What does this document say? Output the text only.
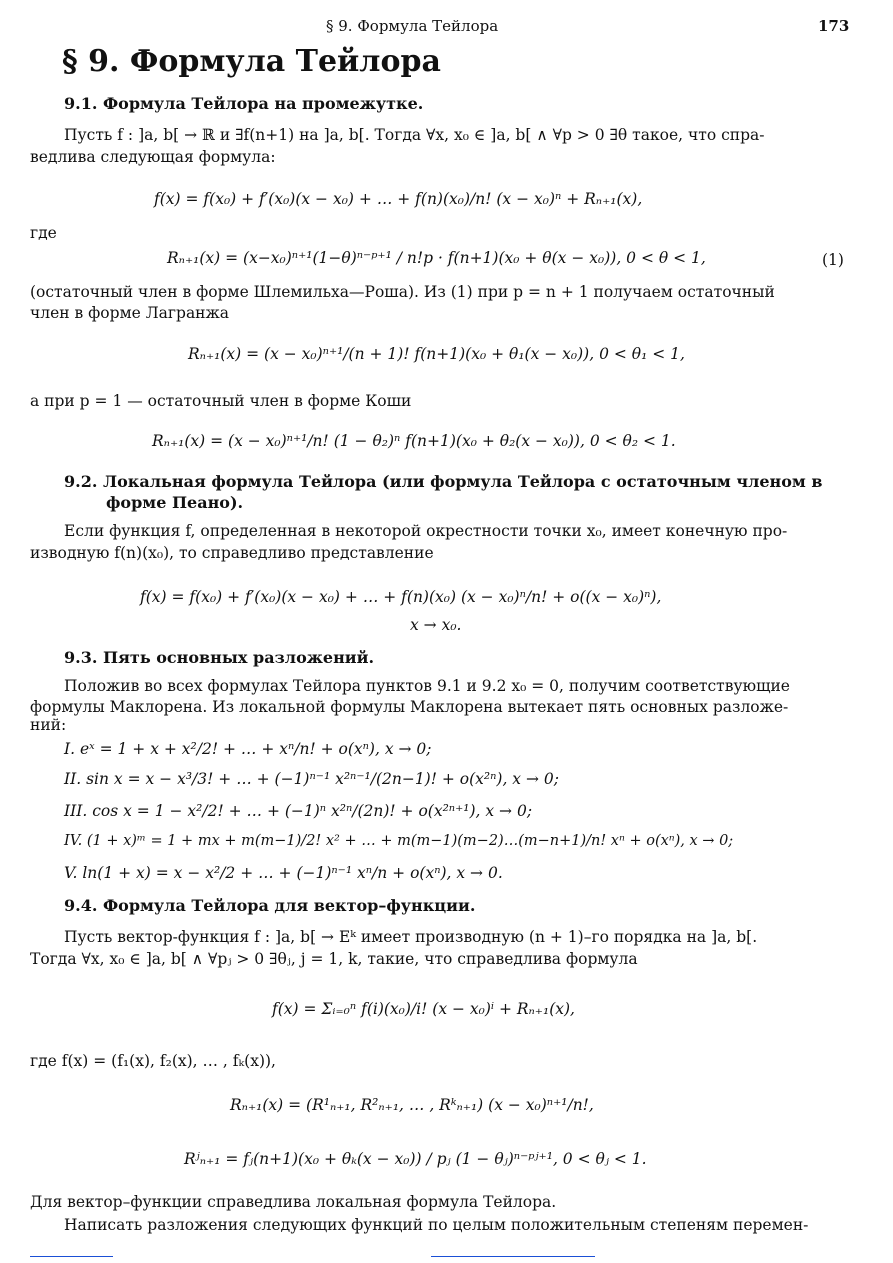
§ 9. Формула Тейлора	173
§ 9. Формула Тейлора
9.1. Формула Тейлора на промежутке.
Пусть f : ]a, b[ → ℝ и ∃f(n+1) на ]a, b[. Тогда ∀x, x₀ ∈ ]a, b[ ∧ ∀p > 0 ∃θ такое, что спра-
ведлива следующая формула:
f(x) = f(x₀) + f′(x₀)(x − x₀) + … + f(n)(x₀)/n! (x − x₀)ⁿ + Rₙ₊₁(x),
где
Rₙ₊₁(x) = (x−x₀)ⁿ⁺¹(1−θ)ⁿ⁻ᵖ⁺¹ / n!p · f(n+1)(x₀ + θ(x − x₀)), 0 < θ < 1,	(1)
(остаточный член в форме Шлемильха—Роша). Из (1) при p = n + 1 получаем остаточный
член в форме Лагранжа
Rₙ₊₁(x) = (x − x₀)ⁿ⁺¹/(n + 1)! f(n+1)(x₀ + θ₁(x − x₀)), 0 < θ₁ < 1,
а при p = 1 — остаточный член в форме Коши
Rₙ₊₁(x) = (x − x₀)ⁿ⁺¹/n! (1 − θ₂)ⁿ f(n+1)(x₀ + θ₂(x − x₀)), 0 < θ₂ < 1.
9.2. Локальная формула Тейлора (или формула Тейлора с остаточным членом в
форме Пеано).
Если функция f, определенная в некоторой окрестности точки x₀, имеет конечную про-
изводную f(n)(x₀), то справедливо представление
f(x) = f(x₀) + f′(x₀)(x − x₀) + … + f(n)(x₀) (x − x₀)ⁿ/n! + o((x − x₀)ⁿ),
x → x₀.
9.3. Пять основных разложений.
Положив во всех формулах Тейлора пунктов 9.1 и 9.2 x₀ = 0, получим соответствующие
формулы Маклорена. Из локальной формулы Маклорена вытекает пять основных разложе-
ний:
I. eˣ = 1 + x + x²/2! + … + xⁿ/n! + o(xⁿ), x → 0;
II. sin x = x − x³/3! + … + (−1)ⁿ⁻¹ x²ⁿ⁻¹/(2n−1)! + o(x²ⁿ), x → 0;
III. cos x = 1 − x²/2! + … + (−1)ⁿ x²ⁿ/(2n)! + o(x²ⁿ⁺¹), x → 0;
IV. (1 + x)ᵐ = 1 + mx + m(m−1)/2! x² + … + m(m−1)(m−2)…(m−n+1)/n! xⁿ + o(xⁿ), x → 0;
V. ln(1 + x) = x − x²/2 + … + (−1)ⁿ⁻¹ xⁿ/n + o(xⁿ), x → 0.
9.4. Формула Тейлора для вектор–функции.
Пусть вектор-функция f : ]a, b[ → Eᵏ имеет производную (n + 1)–го порядка на ]a, b[.
Тогда ∀x, x₀ ∈ ]a, b[ ∧ ∀pⱼ > 0 ∃θⱼ, j = 1, k, такие, что справедлива формула
f(x) = Σᵢ₌₀ⁿ f(i)(x₀)/i! (x − x₀)ⁱ + Rₙ₊₁(x),
где f(x) = (f₁(x), f₂(x), … , fₖ(x)),
Rₙ₊₁(x) = (R¹ₙ₊₁, R²ₙ₊₁, … , Rᵏₙ₊₁) (x − x₀)ⁿ⁺¹/n!,
Rʲₙ₊₁ = fⱼ(n+1)(x₀ + θₖ(x − x₀)) / pⱼ (1 − θⱼ)ⁿ⁻ᵖʲ⁺¹, 0 < θⱼ < 1.
Для вектор–функции справедлива локальная формула Тейлора.
Написать разложения следующих функций по целым положительным степеням перемен-
